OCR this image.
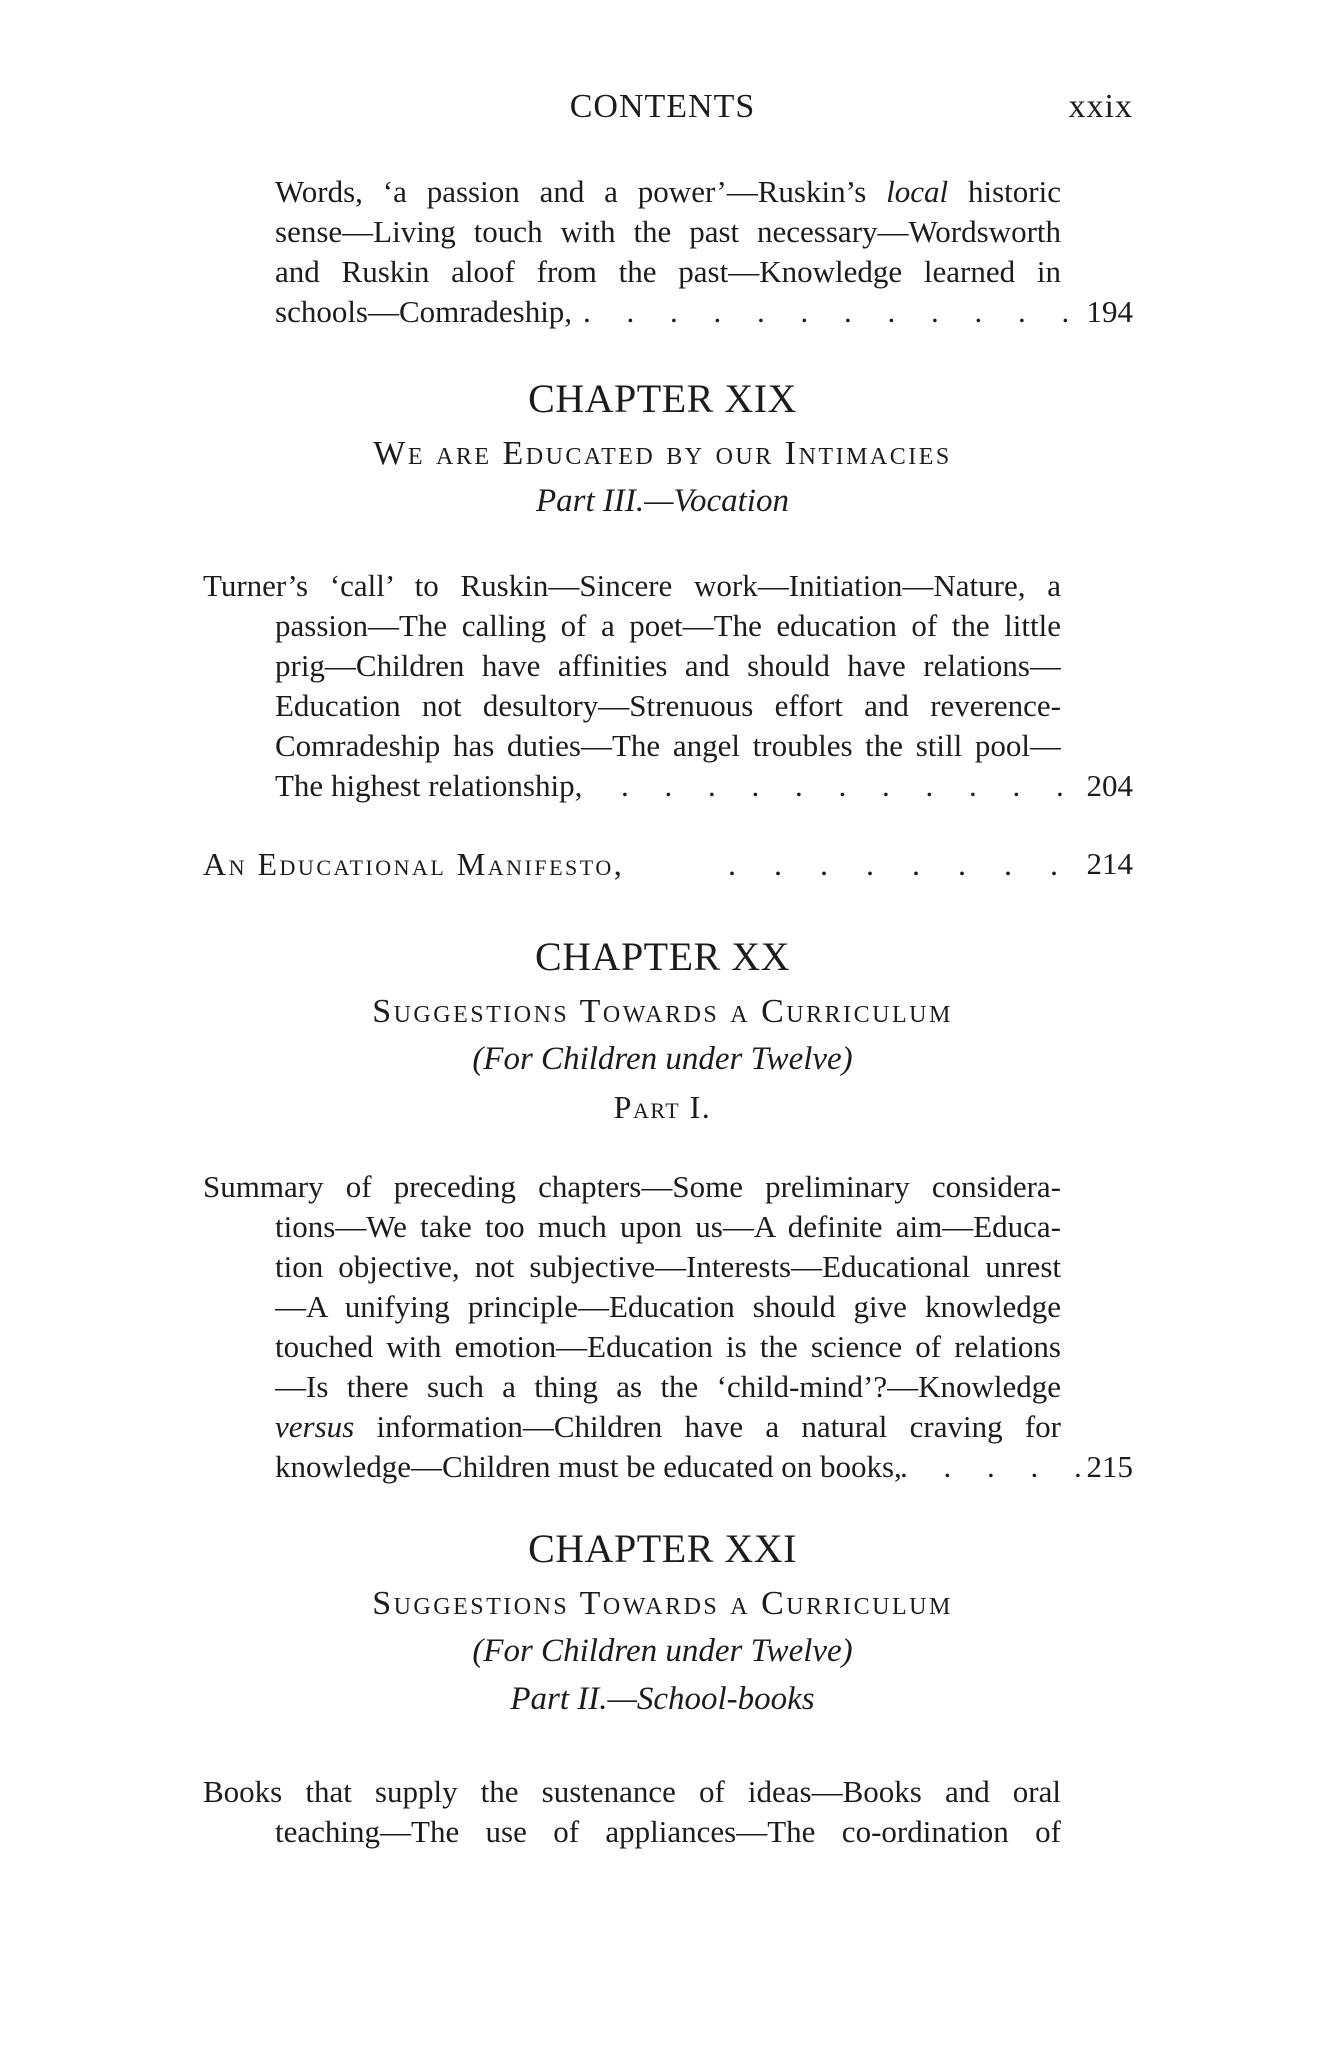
CONTENTS	xxix
Words, ‘a passion and a power’—Ruskin’s local historic
sense—Living touch with the past necessary—Wordsworth
and Ruskin aloof from the past—Knowledge learned in
schools—Comradeship, . . . . . . . . . . . . 194
CHAPTER XIX
We are Educated by our Intimacies
Part III.—Vocation
Turner’s ‘call’ to Ruskin—Sincere work—Initiation—Nature, a
passion—The calling of a poet—The education of the little
prig—Children have affinities and should have relations—
Education not desultory—Strenuous effort and reverence-
Comradeship has duties—The angel troubles the still pool—
The highest relationship, . . . . . . . . . . . 204
An Educational Manifesto,	. . . . . . . . 214
CHAPTER XX
Suggestions Towards a Curriculum
(For Children under Twelve)
Part I.
Summary of preceding chapters—Some preliminary considera-
tions—We take too much upon us—A definite aim—Educa-
tion objective, not subjective—Interests—Educational unrest
—A unifying principle—Education should give knowledge
touched with emotion—Education is the science of relations
—Is there such a thing as the ‘child-mind’?—Knowledge
versus information—Children have a natural craving for
knowledge—Children must be educated on books,
. . . . .
215
CHAPTER XXI
Suggestions Towards a Curriculum
(For Children under Twelve)
Part II.—School-books
Books that supply the sustenance of ideas—Books and oral
teaching—The use of appliances—The co-ordination of
